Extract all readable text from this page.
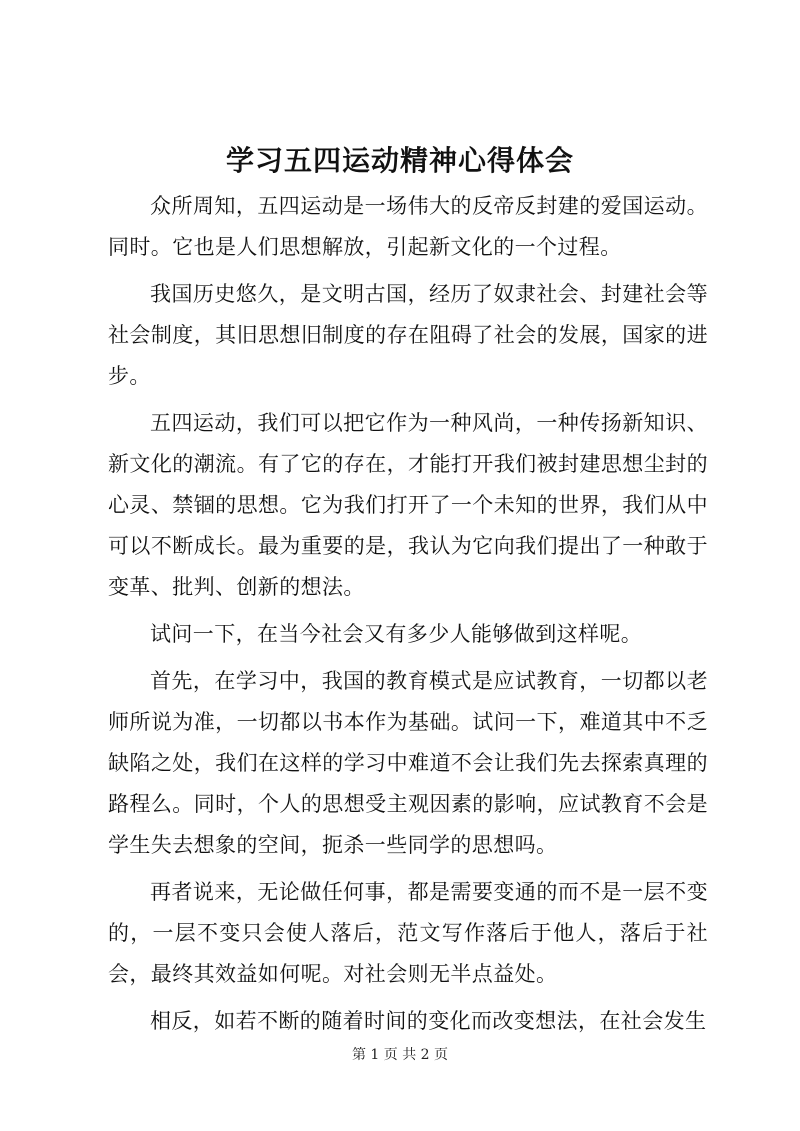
学习五四运动精神心得体会

众所周知，五四运动是一场伟大的反帝反封建的爱国运动。同时。它也是人们思想解放，引起新文化的一个过程。

我国历史悠久，是文明古国，经历了奴隶社会、封建社会等社会制度，其旧思想旧制度的存在阻碍了社会的发展，国家的进步。

五四运动，我们可以把它作为一种风尚，一种传扬新知识、新文化的潮流。有了它的存在，才能打开我们被封建思想尘封的心灵、禁锢的思想。它为我们打开了一个未知的世界，我们从中可以不断成长。最为重要的是，我认为它向我们提出了一种敢于变革、批判、创新的想法。

试问一下，在当今社会又有多少人能够做到这样呢。

首先，在学习中，我国的教育模式是应试教育，一切都以老师所说为准，一切都以书本作为基础。试问一下，难道其中不乏缺陷之处，我们在这样的学习中难道不会让我们先去探索真理的路程么。同时，个人的思想受主观因素的影响，应试教育不会是学生失去想象的空间，扼杀一些同学的思想吗。

再者说来，无论做任何事，都是需要变通的而不是一层不变的，一层不变只会使人落后，范文写作落后于他人，落后于社会，最终其效益如何呢。对社会则无半点益处。

相反，如若不断的随着时间的变化而改变想法，在社会发生

第 1 页 共 2 页
